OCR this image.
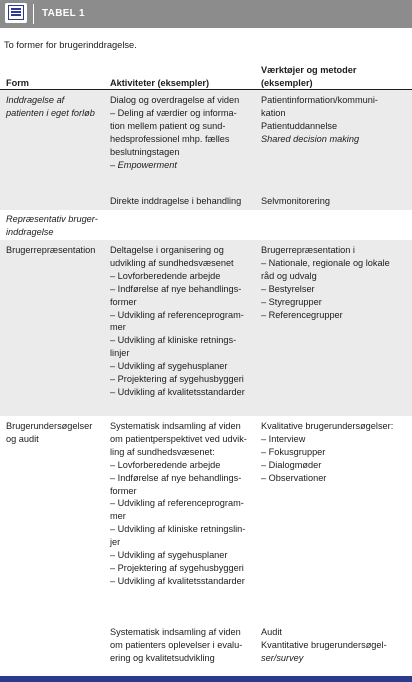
TABEL 1
To former for brugerinddragelse.
Form	Aktiviteter (eksempler)
Værktøjer og metoder
(eksempler)
Inddragelse af
patienten i eget forløb
Dialog og overdragelse af viden
– Deling af værdier og informa-
tion mellem patient og sund-
hedsprofessionel mhp. fælles
beslutningstagen
– Empowerment
Patientinformation/kommuni-
kation
Patientuddannelse
Shared decision making
Direkte inddragelse i behandling Selvmonitorering
Repræsentativ bruger-
inddragelse
Brugerrepræsentation Deltagelse i organisering og
udvikling af sundhedsvæsenet
– Lovforberedende arbejde
– Indførelse af nye behandlings-
former
– Udvikling af referenceprogram-
mer
– Udvikling af kliniske retnings-
linjer
– Udvikling af sygehusplaner
– Projektering af sygehusbyggeri
– Udvikling af kvalitetsstandarder
Brugerrepræsentation i
– Nationale, regionale og lokale
råd og udvalg
– Bestyrelser
– Styregrupper
– Referencegrupper
Brugerundersøgelser
og audit
Systematisk indsamling af viden
om patientperspektivet ved udvik-
ling af sundhedsvæsenet:
– Lovforberedende arbejde
– Indførelse af nye behandlings-
former
– Udvikling af referenceprogram-
mer
– Udvikling af kliniske retningslin-
jer
– Udvikling af sygehusplaner
– Projektering af sygehusbyggeri
– Udvikling af kvalitetsstandarder
Kvalitative brugerundersøgelser:
– Interview
– Fokusgrupper
– Dialogmøder
– Observationer
Systematisk indsamling af viden
om patienters oplevelser i evalu-
ering og kvalitetsudvikling
Audit
Kvantitative brugerundersøgel-
ser/survey
